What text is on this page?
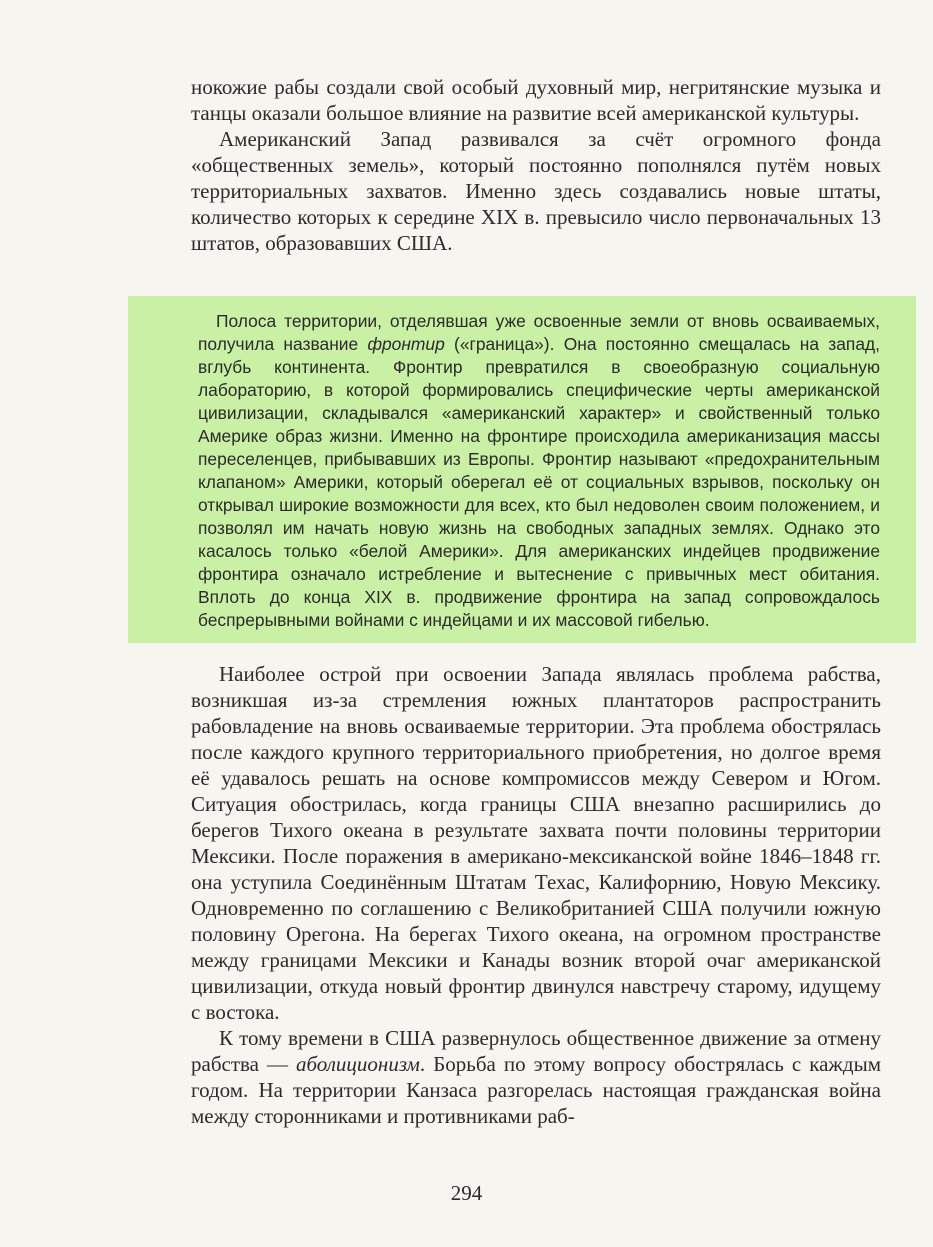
нокожие рабы создали свой особый духовный мир, негритянские музыка и танцы оказали большое влияние на развитие всей американской культуры.

Американский Запад развивался за счёт огромного фонда «общественных земель», который постоянно пополнялся путём новых территориальных захватов. Именно здесь создавались новые штаты, количество которых к середине XIX в. превысило число первоначальных 13 штатов, образовавших США.

Полоса территории, отделявшая уже освоенные земли от вновь осваиваемых, получила название фронтир («граница»). Она постоянно смещалась на запад, вглубь континента. Фронтир превратился в своеобразную социальную лабораторию, в которой формировались специфические черты американской цивилизации, складывался «американский характер» и свойственный только Америке образ жизни. Именно на фронтире происходила американизация массы переселенцев, прибывавших из Европы. Фронтир называют «предохранительным клапаном» Америки, который оберегал её от социальных взрывов, поскольку он открывал широкие возможности для всех, кто был недоволен своим положением, и позволял им начать новую жизнь на свободных западных землях. Однако это касалось только «белой Америки». Для американских индейцев продвижение фронтира означало истребление и вытеснение с привычных мест обитания. Вплоть до конца XIX в. продвижение фронтира на запад сопровождалось беспрерывными войнами с индейцами и их массовой гибелью.

Наиболее острой при освоении Запада являлась проблема рабства, возникшая из-за стремления южных плантаторов распространить рабовладение на вновь осваиваемые территории. Эта проблема обострялась после каждого крупного территориального приобретения, но долгое время её удавалось решать на основе компромиссов между Севером и Югом. Ситуация обострилась, когда границы США внезапно расширились до берегов Тихого океана в результате захвата почти половины территории Мексики. После поражения в американо-мексиканской войне 1846–1848 гг. она уступила Соединённым Штатам Техас, Калифорнию, Новую Мексику. Одновременно по соглашению с Великобританией США получили южную половину Орегона. На берегах Тихого океана, на огромном пространстве между границами Мексики и Канады возник второй очаг американской цивилизации, откуда новый фронтир двинулся навстречу старому, идущему с востока.

К тому времени в США развернулось общественное движение за отмену рабства — аболиционизм. Борьба по этому вопросу обострялась с каждым годом. На территории Канзаса разгорелась настоящая гражданская война между сторонниками и противниками раб-

294
